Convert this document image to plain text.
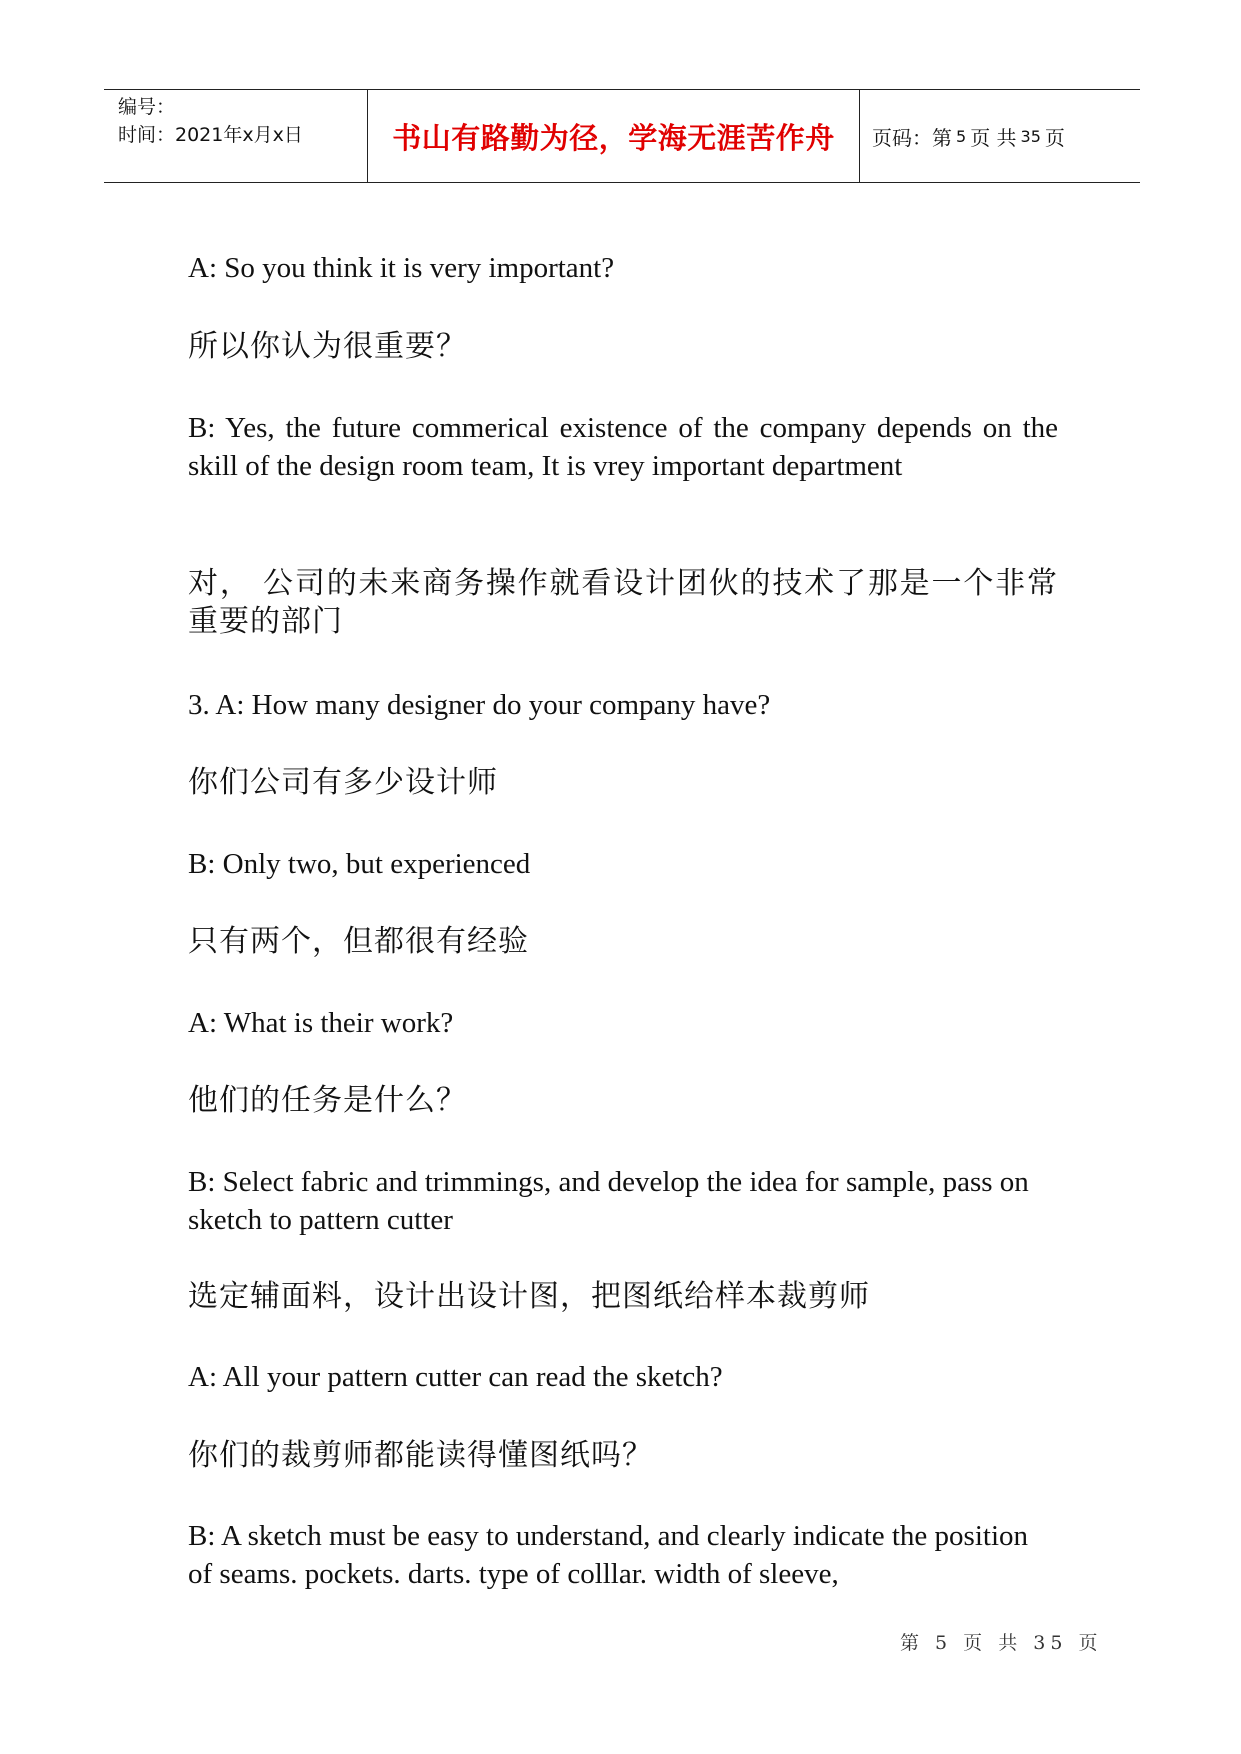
编号：
时间：2021年x月x日	书山有路勤为径，学海无涯苦作舟	页码：第 5 页 共 35 页

A: So you think it is very important?

所以你认为很重要？

B: Yes, the future commerical existence of the company depends on the skill of the design room team, It is vrey important department

对， 公司的未来商务操作就看设计团伙的技术了那是一个非常重要的部门

3. A: How many designer do your company have?

你们公司有多少设计师

B: Only two, but experienced

只有两个，但都很有经验

A: What is their work?

他们的任务是什么？

B: Select fabric and trimmings, and develop the idea for sample, pass on sketch to pattern cutter

选定辅面料，设计出设计图，把图纸给样本裁剪师

A: All your pattern cutter can read the sketch?

你们的裁剪师都能读得懂图纸吗？

B: A sketch must be easy to understand, and clearly indicate the position of seams. pockets. darts. type of colllar. width of sleeve,

第 5 页 共 35 页
